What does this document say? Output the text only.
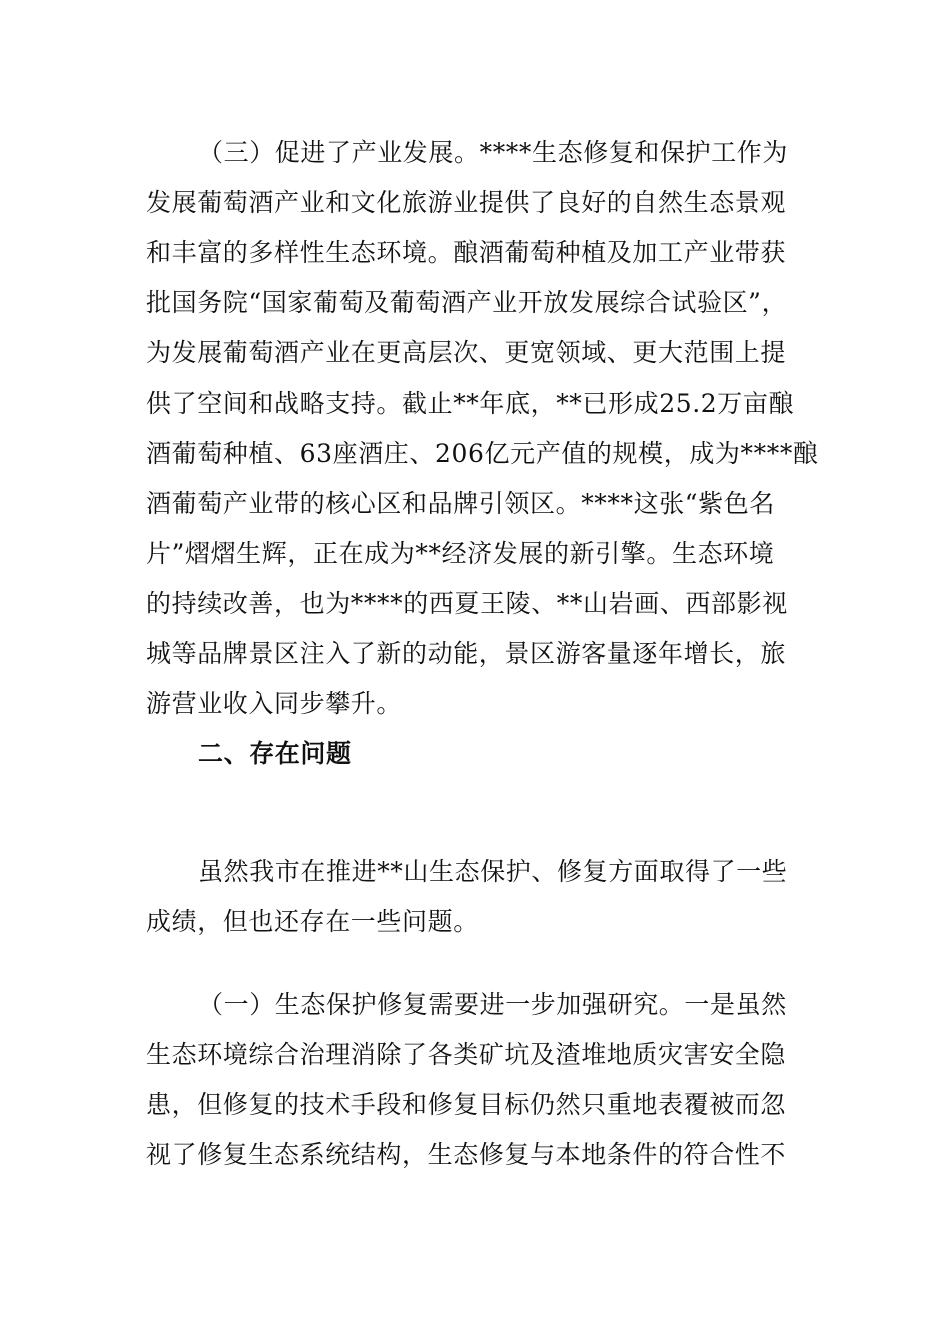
（三）促进了产业发展。****生态修复和保护工作为
发展葡萄酒产业和文化旅游业提供了良好的自然生态景观
和丰富的多样性生态环境。酿酒葡萄种植及加工产业带获
批国务院“国家葡萄及葡萄酒产业开放发展综合试验区”，
为发展葡萄酒产业在更高层次、更宽领域、更大范围上提
供了空间和战略支持。截止**年底，**已形成25.2万亩酿
酒葡萄种植、63座酒庄、206亿元产值的规模，成为****酿
酒葡萄产业带的核心区和品牌引领区。****这张“紫色名
片”熠熠生辉，正在成为**经济发展的新引擎。生态环境
的持续改善，也为****的西夏王陵、**山岩画、西部影视
城等品牌景区注入了新的动能，景区游客量逐年增长，旅
游营业收入同步攀升。
二、存在问题
虽然我市在推进**山生态保护、修复方面取得了一些
成绩，但也还存在一些问题。
（一）生态保护修复需要进一步加强研究。一是虽然
生态环境综合治理消除了各类矿坑及渣堆地质灾害安全隐
患，但修复的技术手段和修复目标仍然只重地表覆被而忽
视了修复生态系统结构，生态修复与本地条件的符合性不
